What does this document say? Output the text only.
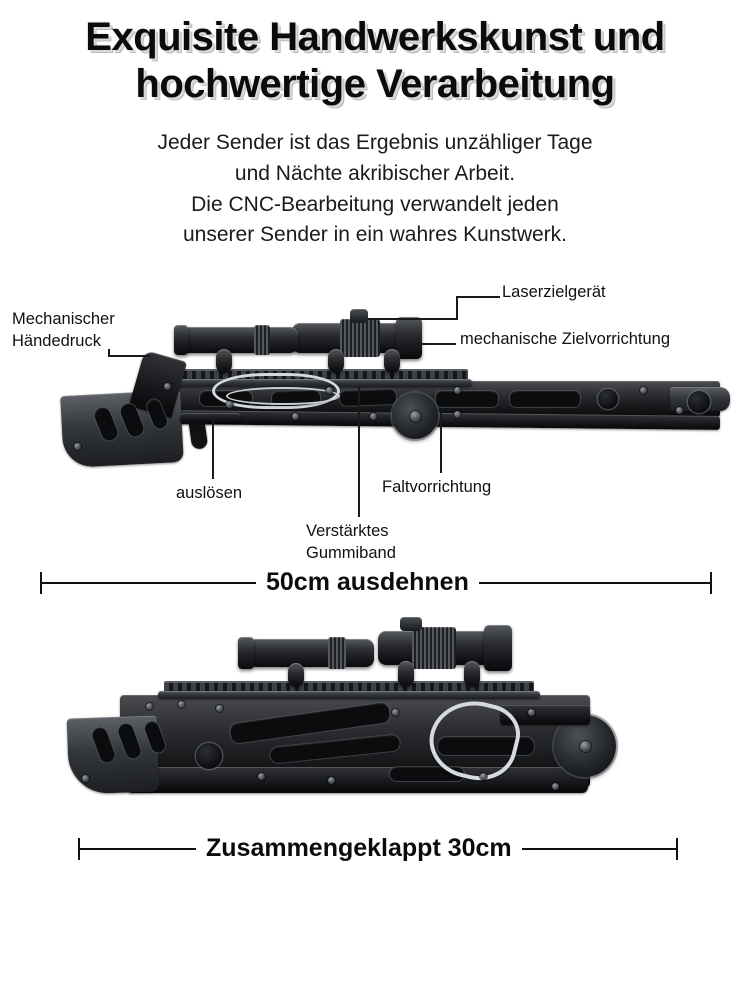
Exquisite Handwerkskunst und
hochwertige Verarbeitung
Jeder Sender ist das Ergebnis unzähliger Tage
und Nächte akribischer Arbeit.
Die CNC-Bearbeitung verwandelt jeden
unserer Sender in ein wahres Kunstwerk.
Laserzielgerät
mechanische Zielvorrichtung
Mechanischer
Händedruck
auslösen
Verstärktes
Gummiband
Faltvorrichtung
50cm ausdehnen
Zusammengeklappt 30cm
